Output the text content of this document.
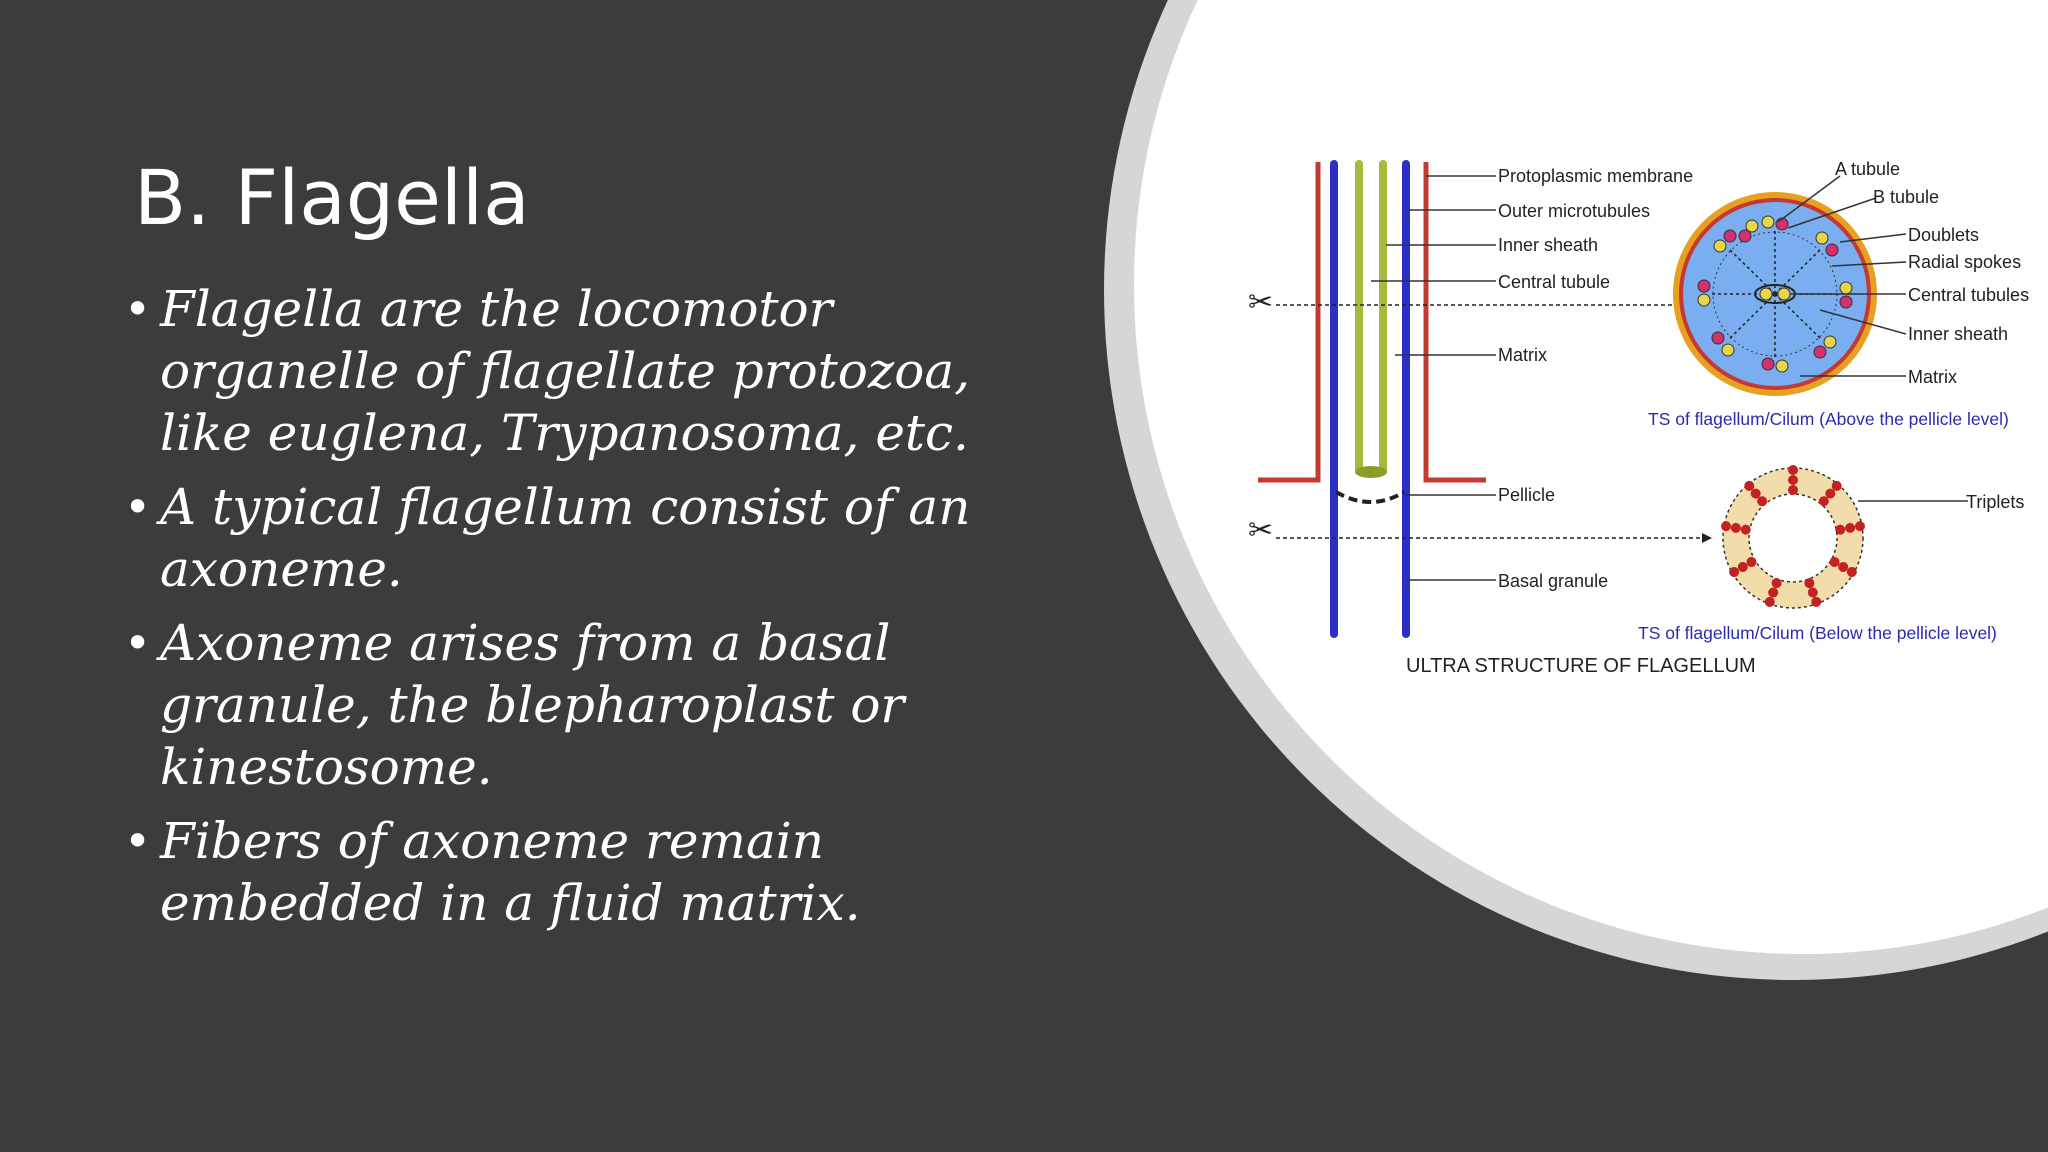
B. Flagella
• Flagella are the locomotor organelle of flagellate protozoa, like euglena, Trypanosoma, etc.
• A typical flagellum consist of an axoneme.
• Axoneme arises from a basal granule, the blepharoplast or kinestosome.
• Fibers of axoneme remain embedded in a fluid matrix.
Protoplasmic membrane
Outer microtubules
Inner sheath
Central tubule
Matrix
Pellicle
Basal granule
✂
✂
A tubule
B tubule
Doublets
Radial spokes
Central tubules
Inner sheath
Matrix
TS of flagellum/Cilum (Above the pellicle level)
Triplets
TS of flagellum/Cilum (Below the pellicle level)
ULTRA STRUCTURE OF FLAGELLUM
